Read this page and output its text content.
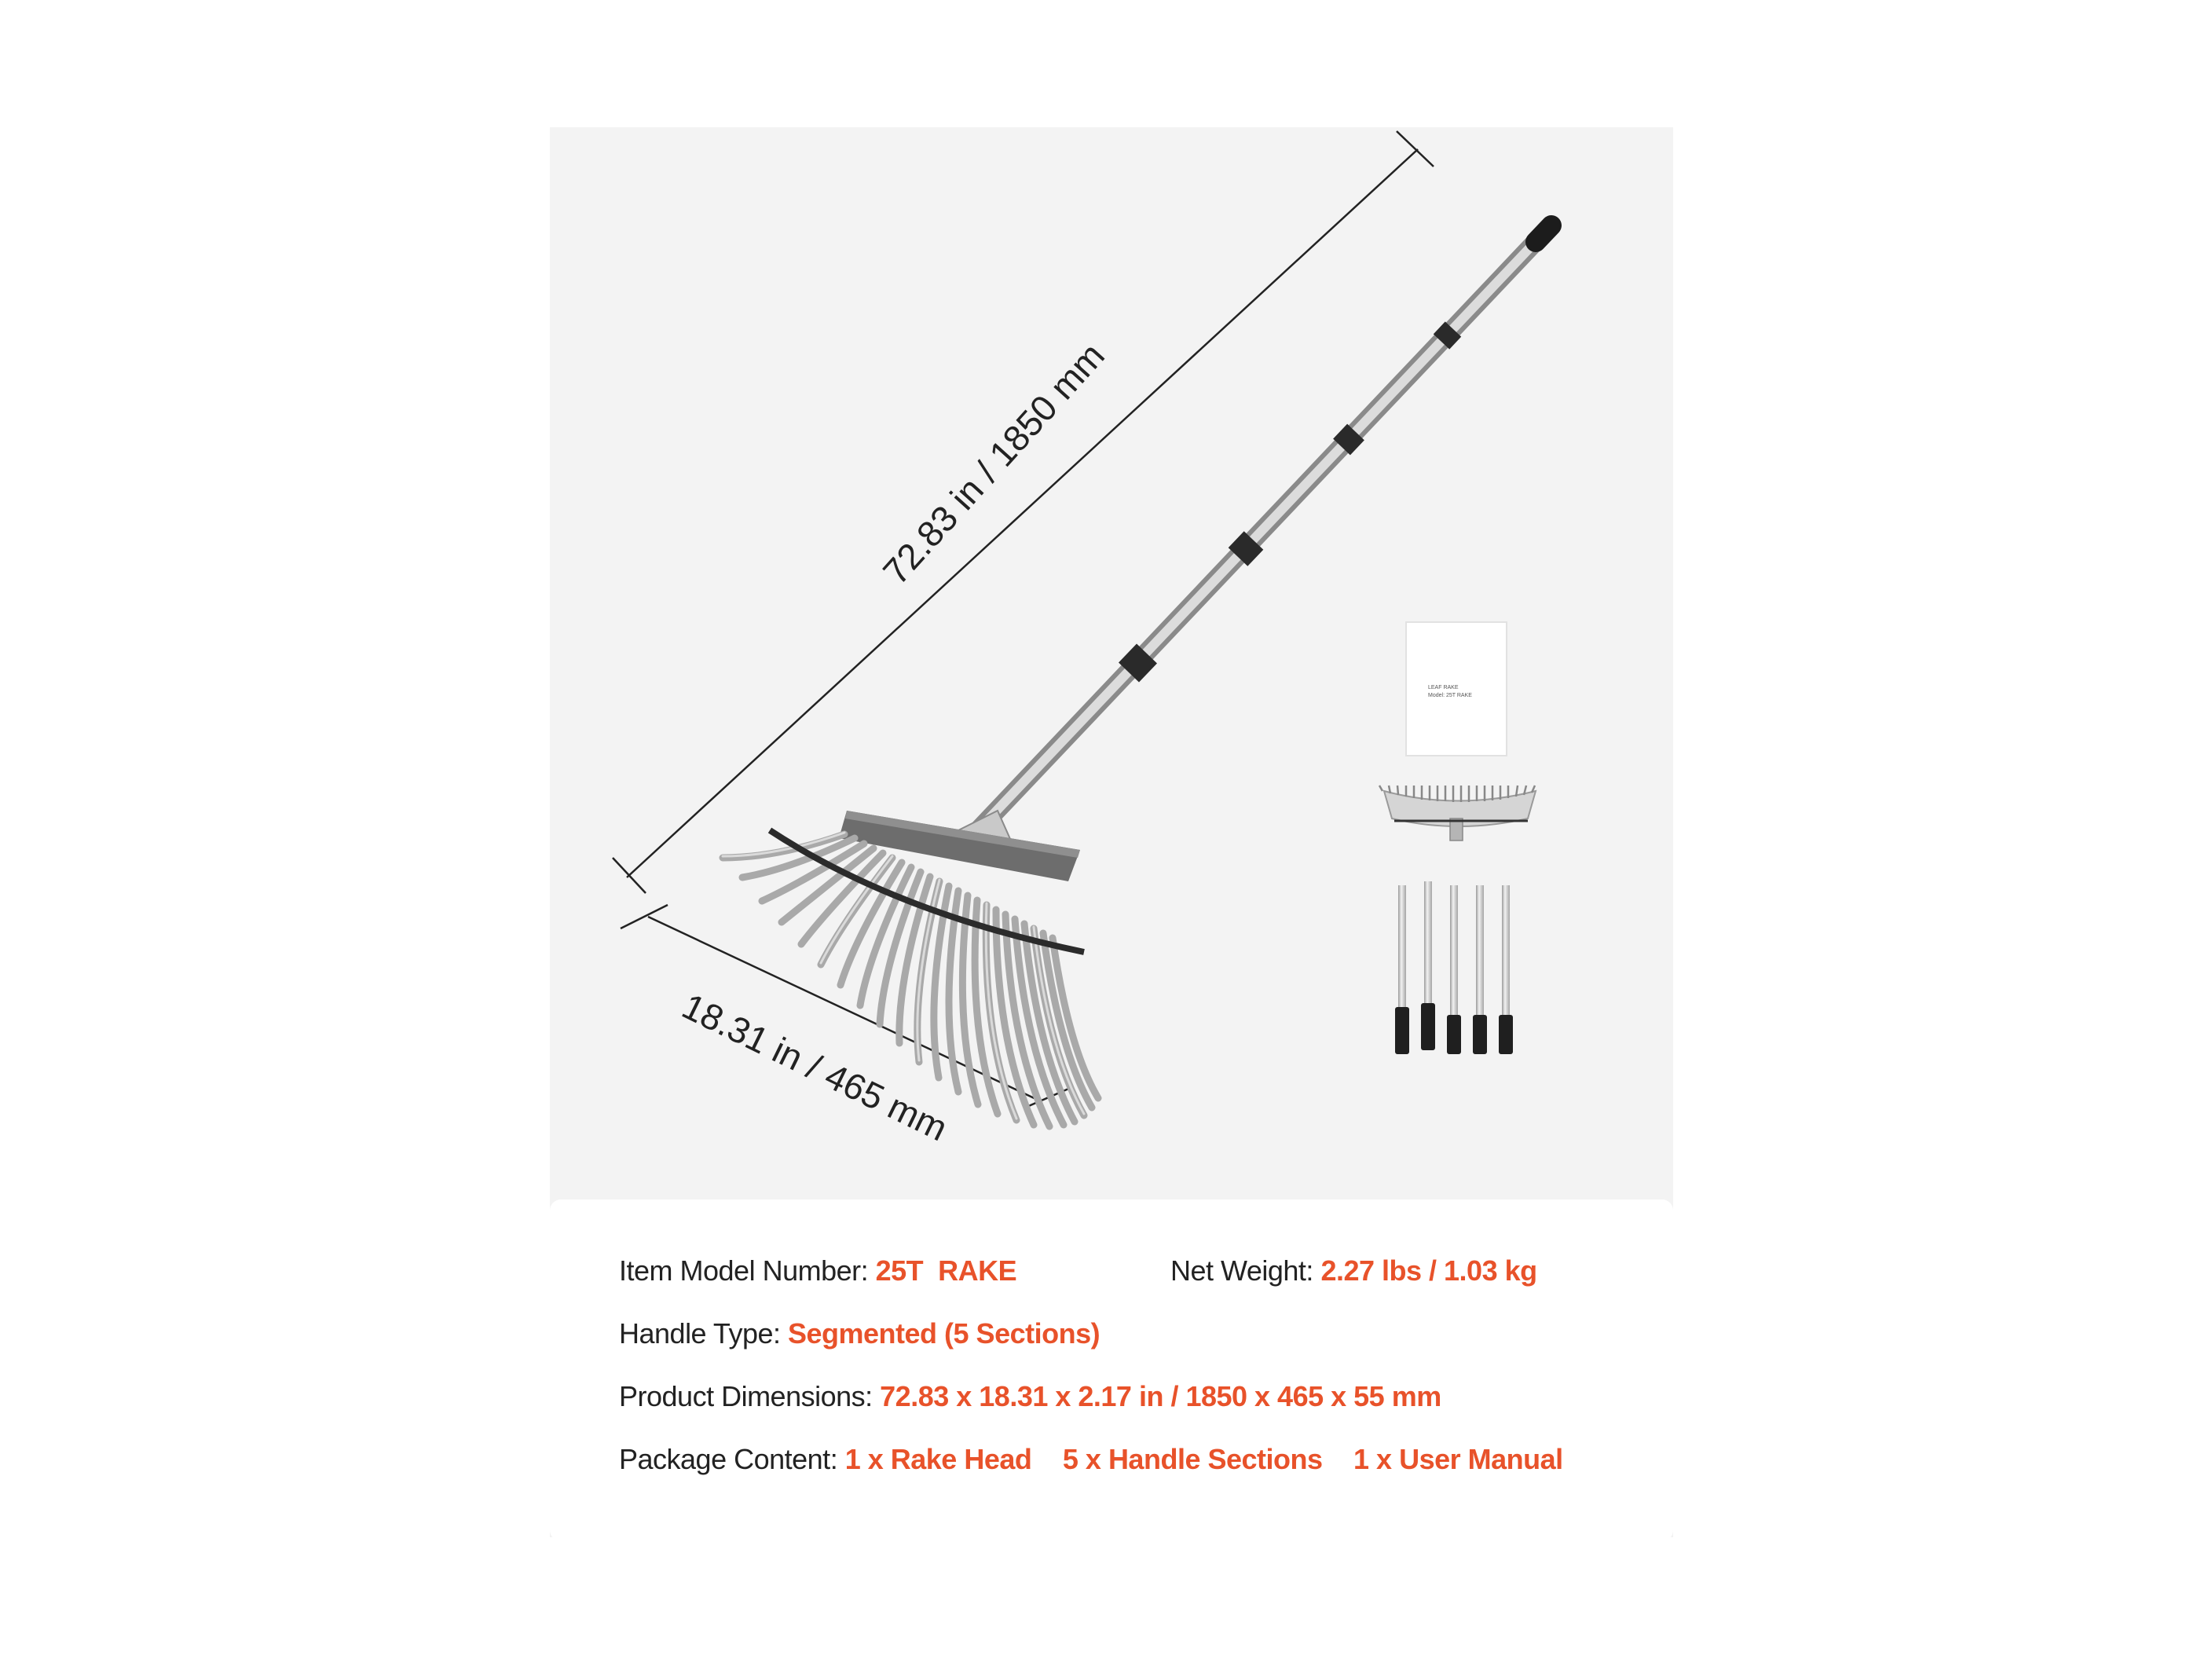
72.83 in / 1850 mm
18.31 in / 465 mm
LEAF RAKE
Model: 25T RAKE
Item Model Number: 25T  RAKE	Net Weight: 2.27 lbs / 1.03 kg
Handle Type: Segmented (5 Sections)
Product Dimensions: 72.83 x 18.31 x 2.17 in / 1850 x 465 x 55 mm
Package Content: 1 x Rake Head 5 x Handle Sections 1 x User Manual
